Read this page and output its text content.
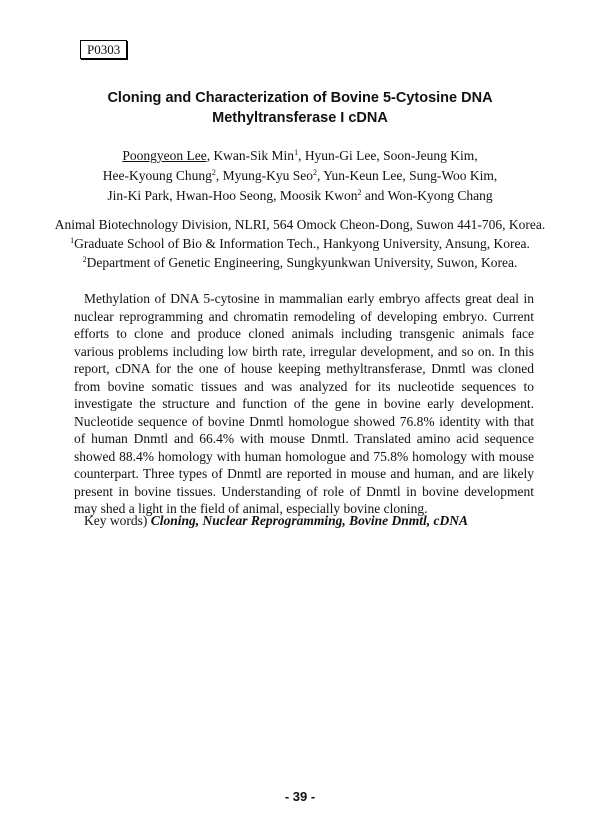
P0303
Cloning and Characterization of Bovine 5-Cytosine DNA
Methyltransferase I cDNA
Poongyeon Lee, Kwan-Sik Min$^1$, Hyun-Gi Lee, Soon-Jeung Kim,
Hee-Kyoung Chung$^2$, Myung-Kyu Seo$^2$, Yun-Keun Lee, Sung-Woo Kim,
Jin-Ki Park, Hwan-Hoo Seong, Moosik Kwon$^2$ and Won-Kyong Chang
Animal Biotechnology Division, NLRI, 564 Omock Cheon-Dong, Suwon 441-706, Korea.
$^1$Graduate School of Bio & Information Tech., Hankyong University, Ansung, Korea.
$^2$Department of Genetic Engineering, Sungkyunkwan University, Suwon, Korea.
Methylation of DNA 5-cytosine in mammalian early embryo affects great deal in nuclear reprogramming and chromatin remodeling of developing embryo. Current efforts to clone and produce cloned animals including transgenic animals face various problems including low birth rate, irregular development, and so on. In this report, cDNA for the one of house keeping methyltransferase, Dnmtl was cloned from bovine somatic tissues and was analyzed for its nucleotide sequences to investigate the structure and function of the gene in bovine early development. Nucleotide sequence of bovine Dnmtl homologue showed 76.8% identity with that of human Dnmtl and 66.4% with mouse Dnmtl. Translated amino acid sequence showed 88.4% homology with human homologue and 75.8% homology with mouse counterpart. Three types of Dnmtl are reported in mouse and human, and are likely present in bovine tissues. Understanding of role of Dnmtl in bovine development may shed a light in the field of animal, especially bovine cloning.
Key words) Cloning, Nuclear Reprogramming, Bovine Dnmtl, cDNA
- 39 -
